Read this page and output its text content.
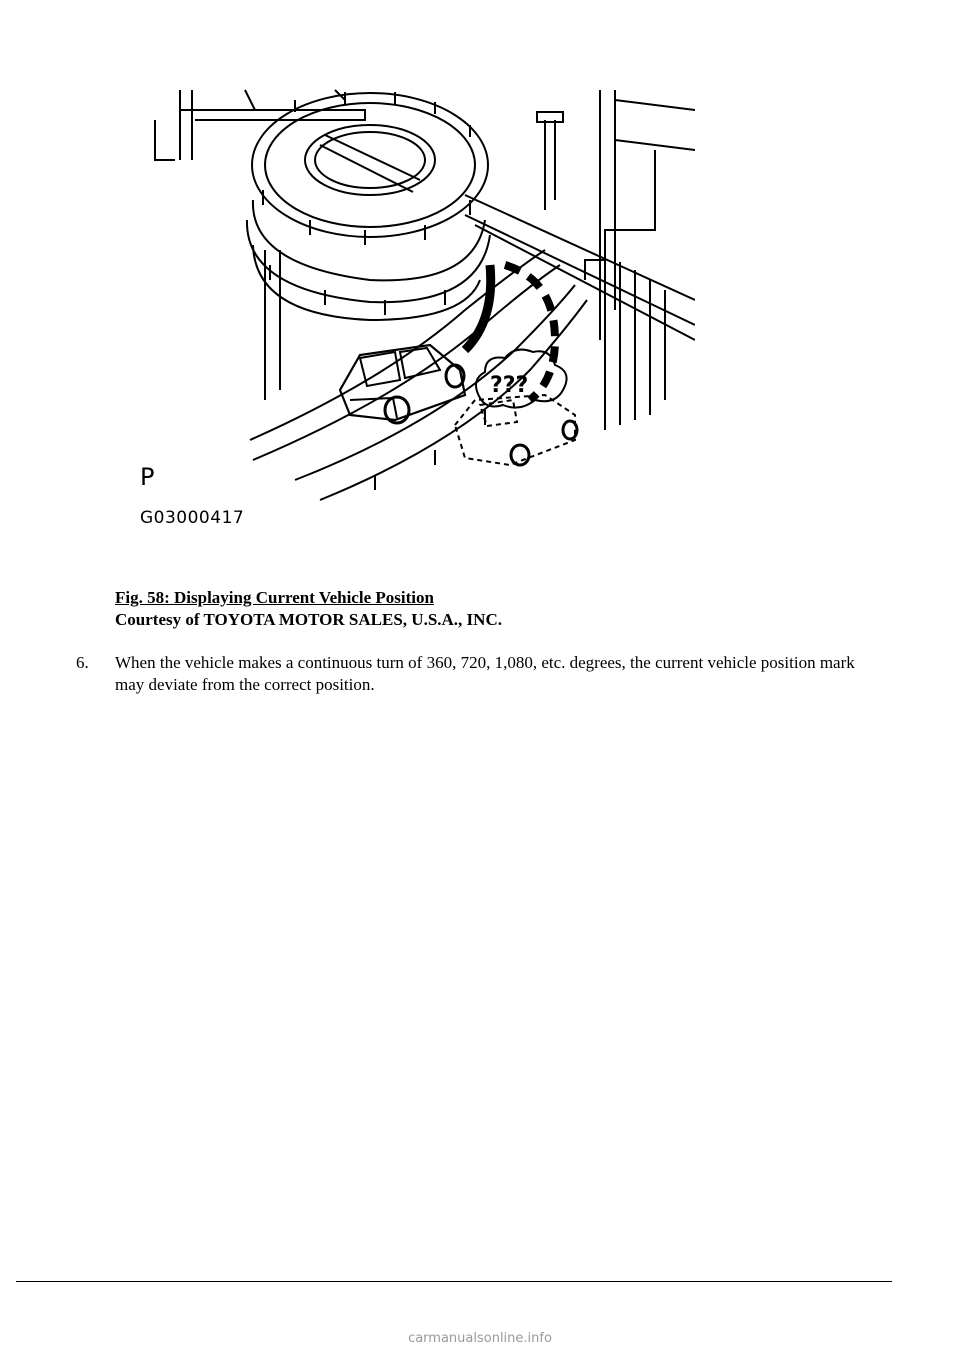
???
P
G03000417
Fig. 58: Displaying Current Vehicle Position
Courtesy of TOYOTA MOTOR SALES, U.S.A., INC.
6. When the vehicle makes a continuous turn of 360, 720, 1,080, etc. degrees, the current vehicle position mark may deviate from the correct position.
carmanualsonline.info
